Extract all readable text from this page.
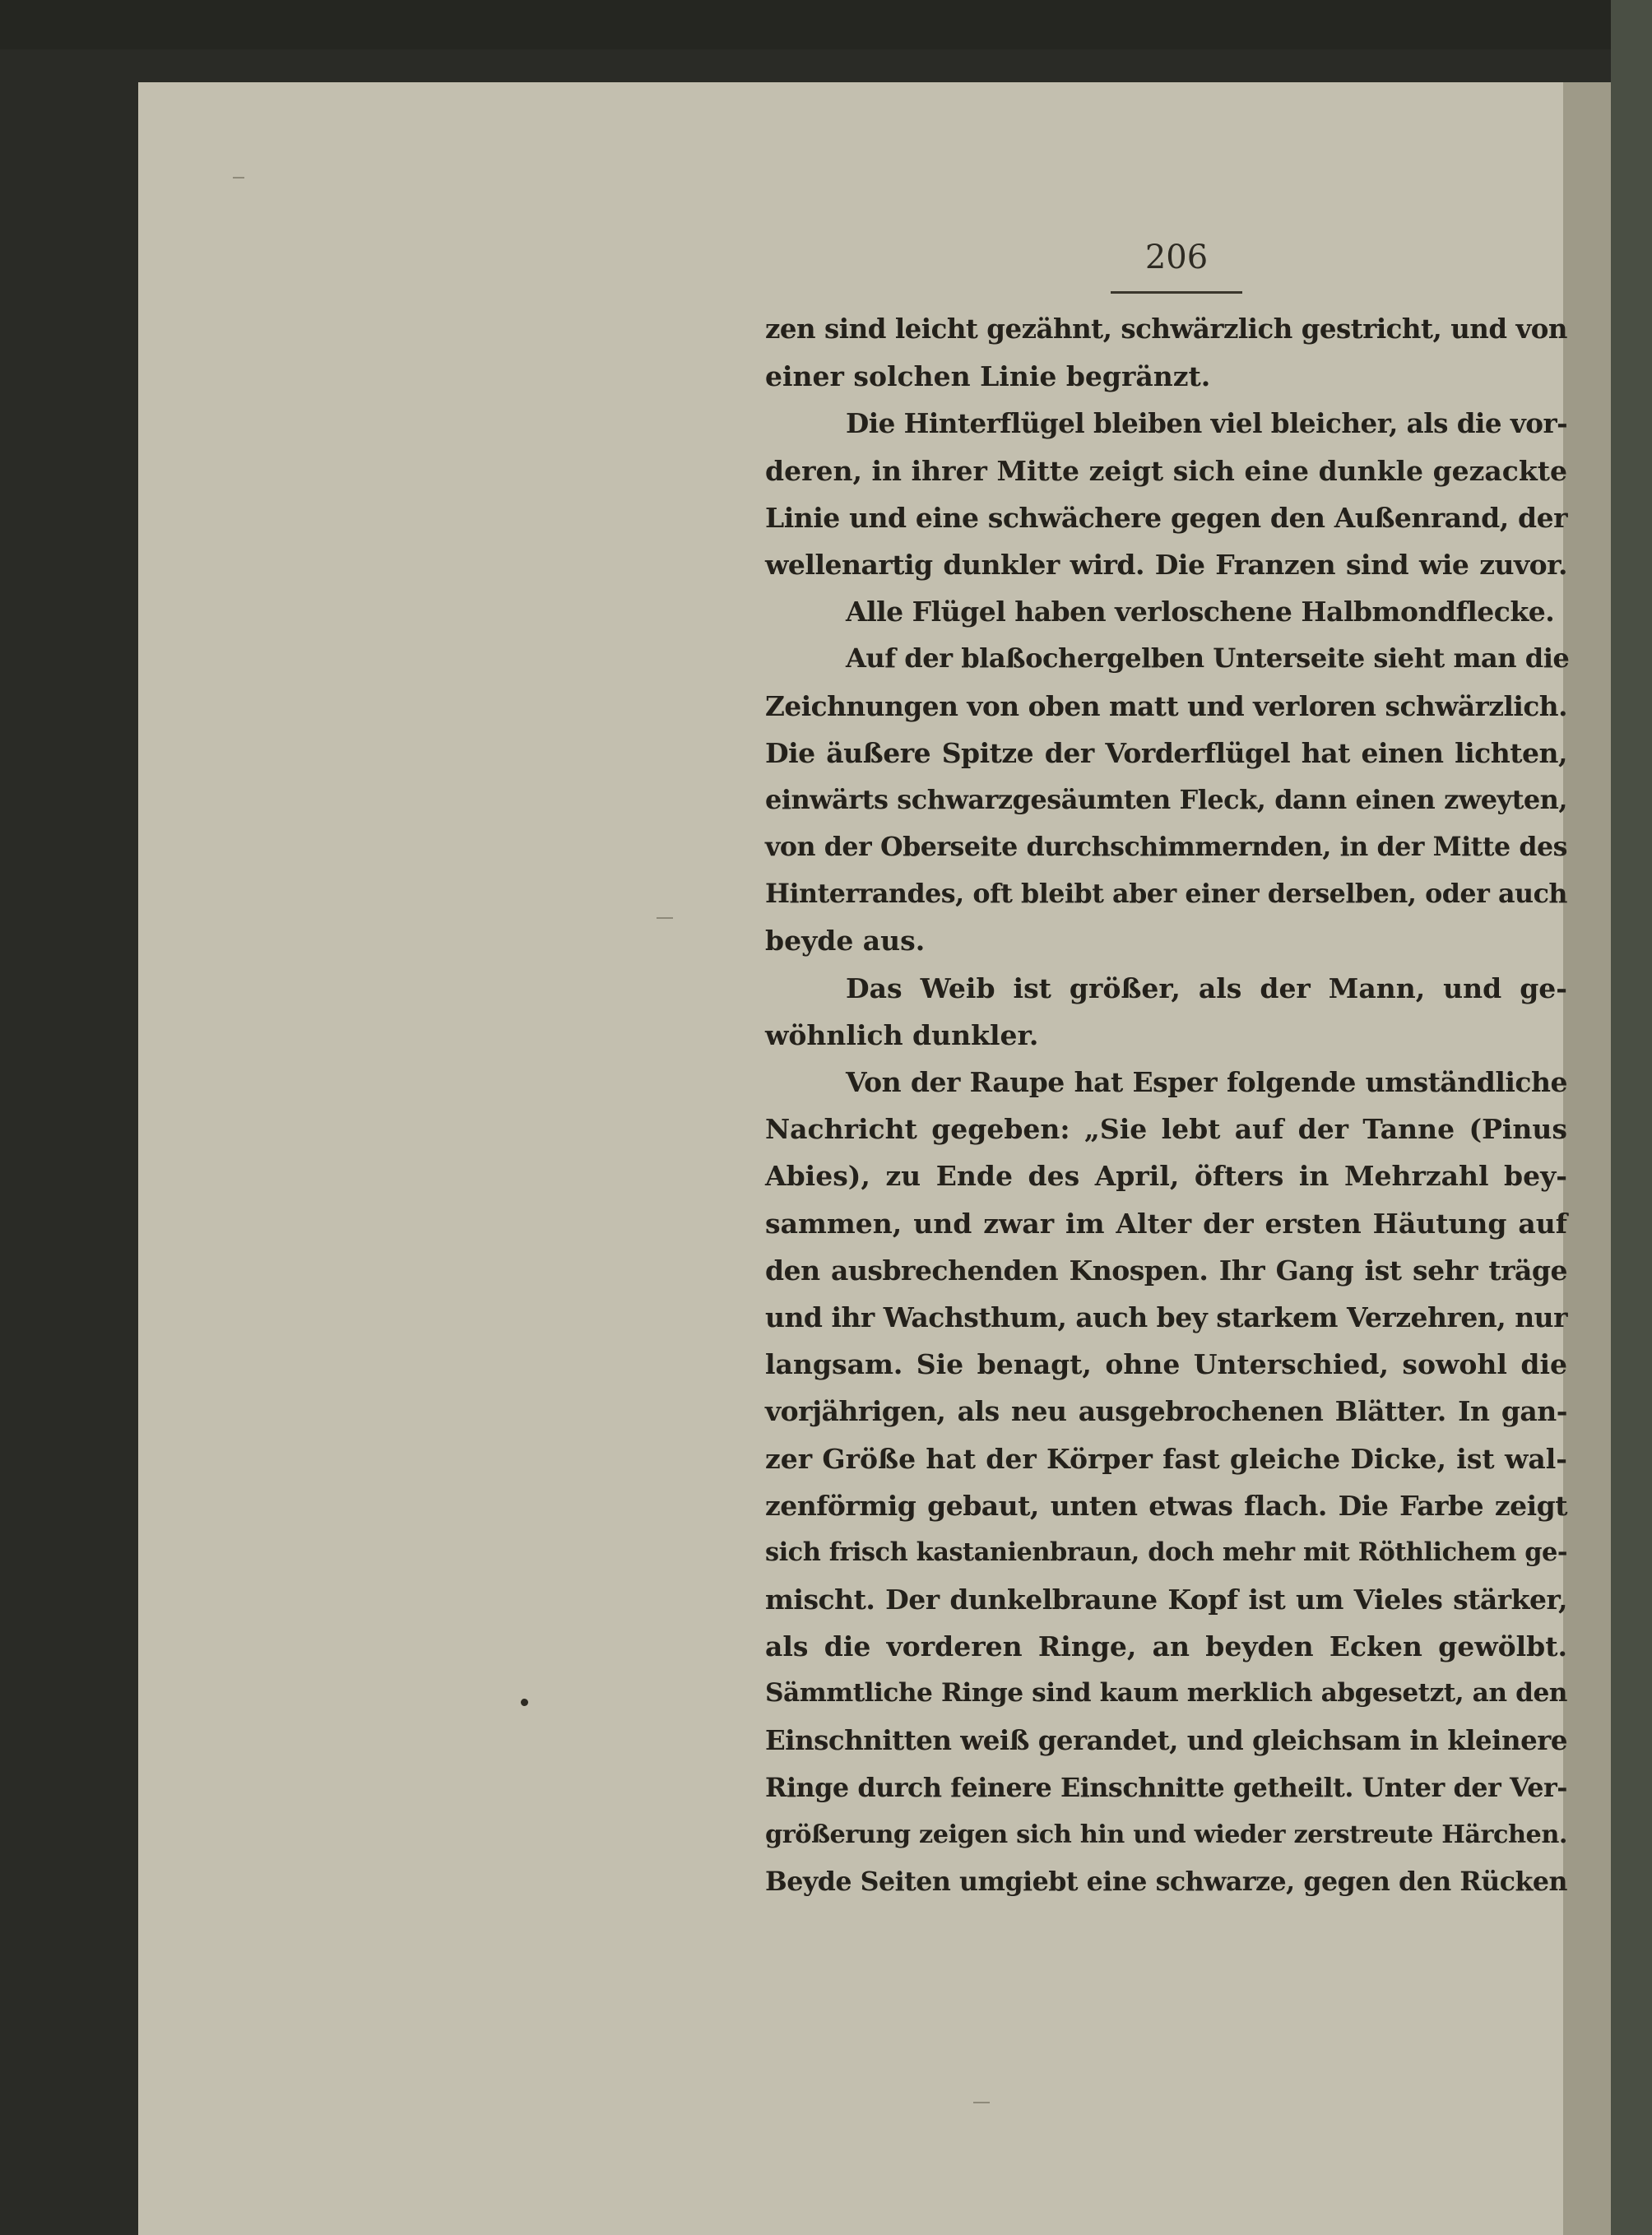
206
zen sind leicht gezähnt, schwärzlich gestricht, und von
einer solchen Linie begränzt.
Die Hinterflügel bleiben viel bleicher, als die vor-
deren, in ihrer Mitte zeigt sich eine dunkle gezackte
Linie und eine schwächere gegen den Außenrand, der
wellenartig dunkler wird. Die Franzen sind wie zuvor.
Alle Flügel haben verloschene Halbmondflecke.
Auf der blaßochergelben Unterseite sieht man die
Zeichnungen von oben matt und verloren schwärzlich.
Die äußere Spitze der Vorderflügel hat einen lichten,
einwärts schwarzgesäumten Fleck, dann einen zweyten,
von der Oberseite durchschimmernden, in der Mitte des
Hinterrandes, oft bleibt aber einer derselben, oder auch
beyde aus.
Das Weib ist größer, als der Mann, und ge-
wöhnlich dunkler.
Von der Raupe hat Esper folgende umständliche
Nachricht gegeben: „Sie lebt auf der Tanne (Pinus
Abies), zu Ende des April, öfters in Mehrzahl bey-
sammen, und zwar im Alter der ersten Häutung auf
den ausbrechenden Knospen. Ihr Gang ist sehr träge
und ihr Wachsthum, auch bey starkem Verzehren, nur
langsam. Sie benagt, ohne Unterschied, sowohl die
vorjährigen, als neu ausgebrochenen Blätter. In gan-
zer Größe hat der Körper fast gleiche Dicke, ist wal-
zenförmig gebaut, unten etwas flach. Die Farbe zeigt
sich frisch kastanienbraun, doch mehr mit Röthlichem ge-
mischt. Der dunkelbraune Kopf ist um Vieles stärker,
als die vorderen Ringe, an beyden Ecken gewölbt.
Sämmtliche Ringe sind kaum merklich abgesetzt, an den
Einschnitten weiß gerandet, und gleichsam in kleinere
Ringe durch feinere Einschnitte getheilt. Unter der Ver-
größerung zeigen sich hin und wieder zerstreute Härchen.
Beyde Seiten umgiebt eine schwarze, gegen den Rücken
